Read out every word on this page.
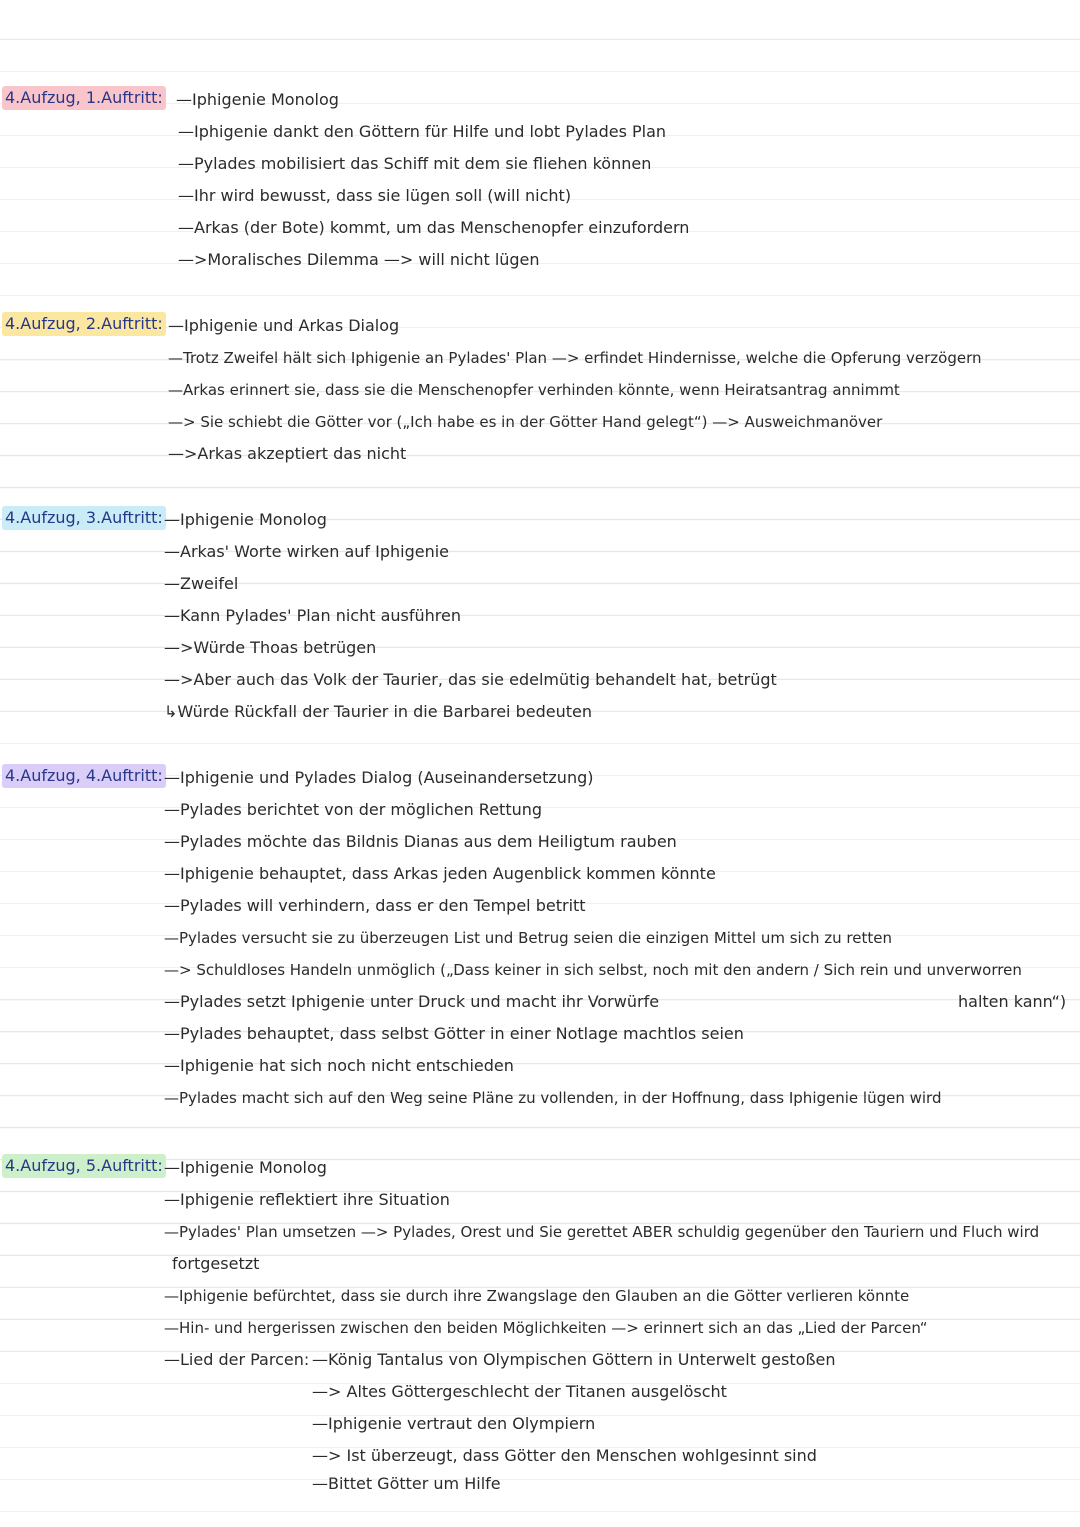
4.Aufzug, 1.Auftritt: —Iphigenie Monolog
—Iphigenie dankt den Göttern für Hilfe und lobt Pylades Plan
—Pylades mobilisiert das Schiff mit dem sie fliehen können
—Ihr wird bewusst, dass sie lügen soll (will nicht)
—Arkas (der Bote) kommt, um das Menschenopfer einzufordern
—>Moralisches Dilemma —> will nicht lügen
4.Aufzug, 2.Auftritt: —Iphigenie und Arkas Dialog
—Trotz Zweifel hält sich Iphigenie an Pylades' Plan —> erfindet Hindernisse, welche die Opferung verzögern
—Arkas erinnert sie, dass sie die Menschenopfer verhinden könnte, wenn Heiratsantrag annimmt
—> Sie schiebt die Götter vor („Ich habe es in der Götter Hand gelegt“) —> Ausweichmanöver
—>Arkas akzeptiert das nicht
4.Aufzug, 3.Auftritt: —Iphigenie Monolog
—Arkas' Worte wirken auf Iphigenie
—Zweifel
—Kann Pylades' Plan nicht ausführen
—>Würde Thoas betrügen
—>Aber auch das Volk der Taurier, das sie edelmütig behandelt hat, betrügt
↳Würde Rückfall der Taurier in die Barbarei bedeuten
4.Aufzug, 4.Auftritt: —Iphigenie und Pylades Dialog (Auseinandersetzung)
—Pylades berichtet von der möglichen Rettung
—Pylades möchte das Bildnis Dianas aus dem Heiligtum rauben
—Iphigenie behauptet, dass Arkas jeden Augenblick kommen könnte
—Pylades will verhindern, dass er den Tempel betritt
—Pylades versucht sie zu überzeugen List und Betrug seien die einzigen Mittel um sich zu retten
—> Schuldloses Handeln unmöglich („Dass keiner in sich selbst, noch mit den andern / Sich rein und unverworren
—Pylades setzt Iphigenie unter Druck und macht ihr Vorwürfe	halten kann“)
—Pylades behauptet, dass selbst Götter in einer Notlage machtlos seien
—Iphigenie hat sich noch nicht entschieden
—Pylades macht sich auf den Weg seine Pläne zu vollenden, in der Hoffnung, dass Iphigenie lügen wird
4.Aufzug, 5.Auftritt: —Iphigenie Monolog
—Iphigenie reflektiert ihre Situation
—Pylades' Plan umsetzen —> Pylades, Orest und Sie gerettet ABER schuldig gegenüber den Tauriern und Fluch wird
fortgesetzt
—Iphigenie befürchtet, dass sie durch ihre Zwangslage den Glauben an die Götter verlieren könnte
—Hin- und hergerissen zwischen den beiden Möglichkeiten —> erinnert sich an das „Lied der Parcen“
—Lied der Parcen: —König Tantalus von Olympischen Göttern in Unterwelt gestoßen
—> Altes Göttergeschlecht der Titanen ausgelöscht
—Iphigenie vertraut den Olympiern
—> Ist überzeugt, dass Götter den Menschen wohlgesinnt sind
—Bittet Götter um Hilfe
